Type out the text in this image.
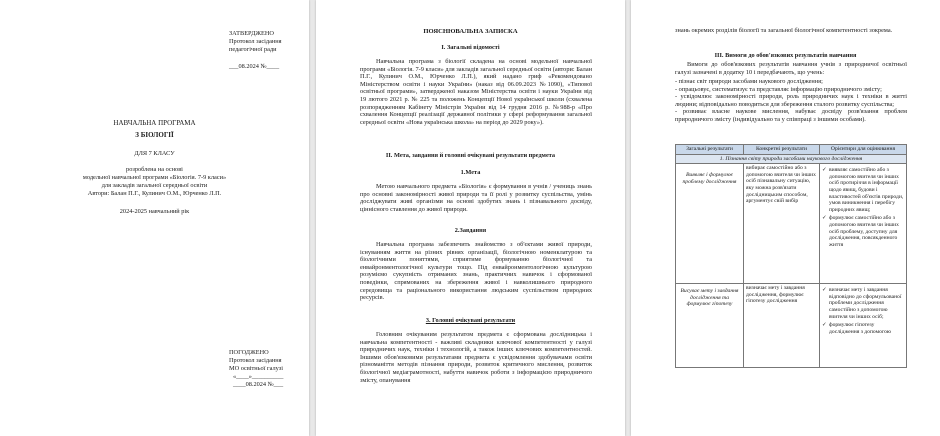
ЗАТВЕРДЖЕНО

Протокол засідання

педагогічної ради

___08.2024 №____

НАВЧАЛЬНА ПРОГРАМА

З БІОЛОГІЇ

ДЛЯ 7 КЛАСУ

розроблена на основі

модельної навчальної програми «Біологія. 7-9 класи»

для закладів загальної середньої освіти

Автори: Балан П.Г., Кулинич О.М., Юрченко Л.П.

2024-2025 навчальний рік

ПОГОДЖЕНО

Протокол засідання

МО освітньої галузі

«____»__________

____08.2024 №___

ПОЯСНЮВАЛЬНА ЗАПИСКА

I. Загальні відомості

Навчальна програма з біології складена на основі модельної навчальної програми «Біологія. 7-9 класи» для закладів загальної середньої освіти (автори: Балан П.Г., Кулинич О.М., Юрченко Л.П.), який надано гриф «Рекомендовано Міністерством освіти і науки України» (наказ від 06.09.2023 №1090), «Типової освітньої програми», затвердженої наказом Міністерства освіти і науки України від 19 лютого 2021 р. № 225 та положень Концепції Нової української школи (схвалена розпорядженням Кабінету Міністрів України від 14 грудня 2016 р. №988-р «Про схвалення Концепції реалізації державної політики у сфері реформування загальної середньої освіти «Нова українська школа» на період до 2029 року»).

II. Мета, завдання й головні очікувані результати предмета

1.Мета

Метою навчального предмета «Біологія» є формування в учнів / учениць знань про основні закономірності живої природи та її ролі у розвитку суспільства, умінь досліджувати живі організми на основі здобутих знань і пізнавального досвіду, ціннісного ставлення до живої природи.

2.Завдання

Навчальна програма забезпечить знайомство з об'єктами живої природи, існуванням життя на різних рівнях організації, біологічною номенклатурою та біологічними поняттями, сприятиме формуванню біологічної та енвайронментологічної культури тощо. Під енвайронментологічною культурою розуміємо сукупність отриманих знань, практичних навичок і сформованої поведінки, спрямованих на збереження живої і навколишнього природного середовища та раціонального використання людським суспільством природних ресурсів.

3. Головні очікувані результати

Головним очікуваним результатом предмета є сформована дослідницька і навчальна компетентності - важливі складники ключової компетентності у галузі природничих наук, техніки і технологій, а також інших ключових компетентностей. Іншими обов'язковими результатами предмета є усвідомлення здобувачами освіти різноманіття методів пізнання природи, розвиток критичного мислення, розвиток біологічної медіаграмотності, набуття навичок роботи з інформацією природничого змісту, опанування

знань окремих розділів біології та загальної біологічної компетентності зокрема.

III. Вимоги до обов'язкових результатів навчання

Вимоги до обов'язкових результатів навчання учнів з природничої освітньої галузі зазначені в додатку 10 і передбачають, що учень:

- пізнає світ природи засобами наукового дослідження;
- опрацьовує, систематизує та представляє інформацію природничого змісту;
- усвідомлює закономірності природи, роль природничих наук і техніки в житті людини; відповідально поводиться для збереження сталого розвитку суспільства;
- розвиває власне наукове мислення, набуває досвіду розв'язання проблем природничого змісту (індивідуально та у співпраці з іншими особами).
Загальні результати	Конкретні результати	Орієнтири для оцінювання
1. Пізнання світу природи засобами наукового дослідження		
Виявляє і формулює проблему дослідження	вибирає самостійно або з допомогою вчителя чи інших осіб пізнавальну ситуацію, яку можна розв'язати дослідницьким способом, аргументує свій вибір	✓ виявляє самостійно або з допомогою вчителя чи інших осіб протиріччя в інформації щодо явищ, будови і властивостей об'єктів природи, умов виникнення і перебігу природних явищ;
✓ формулює самостійно або з допомогою вчителя чи інших осіб проблему, доступну для дослідження, повсякденного життя

Висуває мету і завдання дослідження та формулює гіпотезу	визначає мету і завдання дослідження, формулює гіпотезу дослідження	✓ визначає мету і завдання відповідно до сформульованої проблеми дослідження самостійно з допомогою вчителя чи інших осіб;
✓ формулює гіпотезу дослідження з допомогою
